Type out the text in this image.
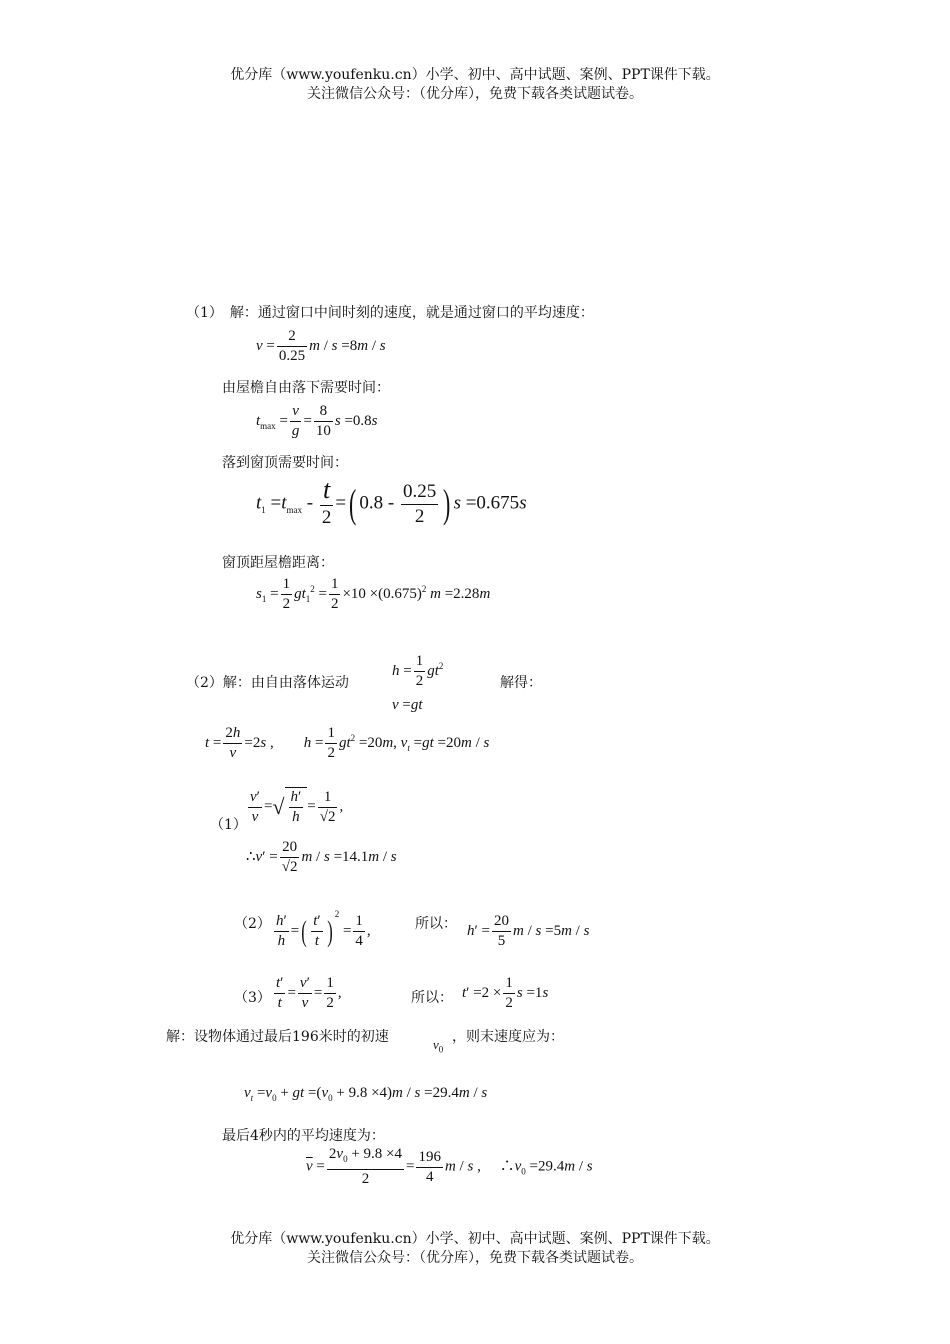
优分库（www.youfenku.cn）小学、初中、高中试题、案例、PPT课件下载。
关注微信公众号：（优分库），免费下载各类试题试卷。
（1）　解：通过窗口中间时刻的速度，就是通过窗口的平均速度：
$v = \frac{2}{0.25}$ m / s =8m / s
由屋檐自由落下需要时间：
$t_{max} = \frac{v}{g} = \frac{8}{10}$ s =0.8s
落到窗顶需要时间：
$t_1 =t_{max} - \frac{t}{2}$ =( $0.8 - \frac{0.25}{2}$ ) s =0.675s
窗顶距屋檐距离：
$s_1 = \frac{1}{2} gt_1^2 = \frac{1}{2} \times 10 \times(0.675)^2$ m =2.28m
（2）解：由自由落体运动
$h = \frac{1}{2} gt^2$
v =gt
解得：
$t = \frac{2h}{v} =2s$ ,　　$h = \frac{1}{2} gt^2 =20m$, $v_t =gt =20m / s$
$(1) \frac{v'}{v}$ =√ $\frac{h'}{h} = \frac{1}{√2}$ ,
∴v′ = $\frac{20}{√2}$ m / s =14.1m / s
$(2) \frac{h'}{h}$ =( $\frac{t'}{t} )^2 = \frac{1}{4}$ ,	所以： $h' = \frac{20}{5}$ m / s =5m / s
$(3) \frac{t'}{t} = \frac{v'}{v} = \frac{1}{2}$ ,	所以： $t' =2 \times \frac{1}{2}$ s =1s
解：设物体通过最后196米时的初速	$v_0$
，则末速度应为：
$v_t =v_0$ + gt $=(v_0 + 9.8 \times 4)m / s =29.4m / s$
最后4秒内的平均速度为：
$\overline{v} = \frac{2v_0 + 9.8 \times 4}{2} = \frac{196}{4}$ m / s ,　 $\therefore v_0 =29.4m / s$
优分库（www.youfenku.cn）小学、初中、高中试题、案例、PPT课件下载。
关注微信公众号：（优分库），免费下载各类试题试卷。
